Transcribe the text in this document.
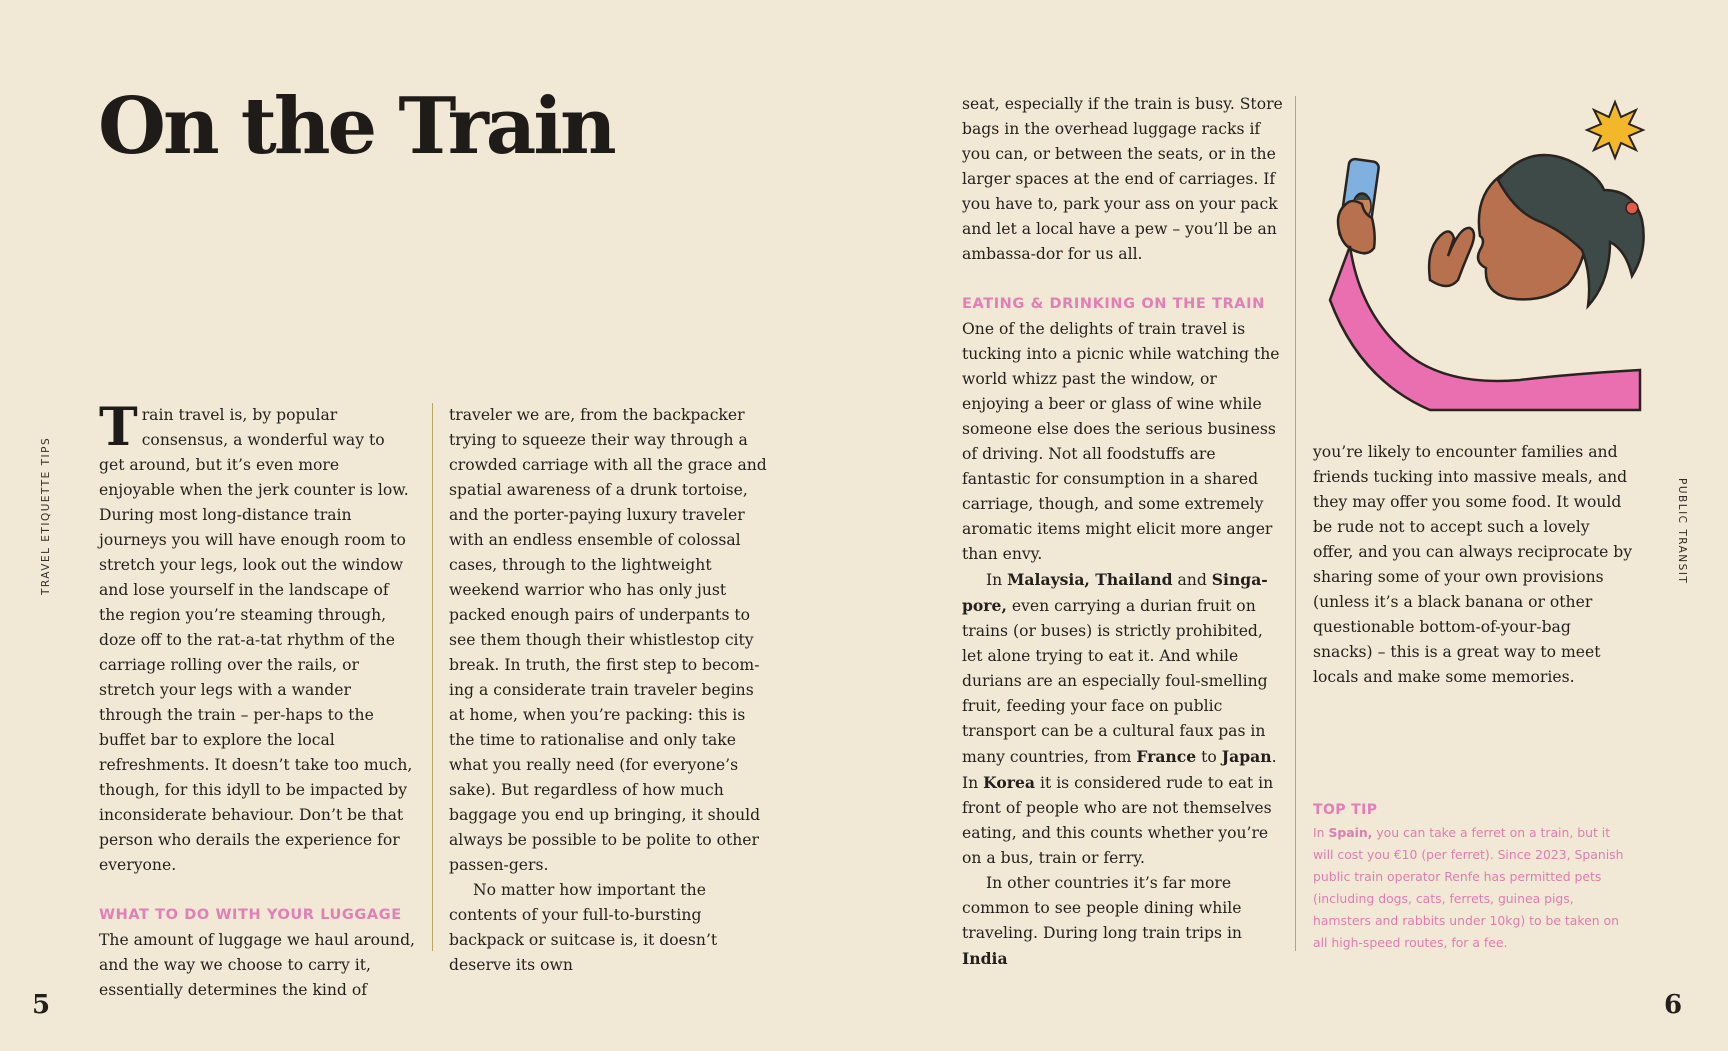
On the Train
TRAVEL ETIQUETTE TIPS

Train travel is, by popular consensus, a wonderful way to get around, but it’s even more enjoyable when the jerk counter is low. During most long-distance train journeys you will have enough room to stretch your legs, look out the window and lose yourself in the landscape of the region you’re steaming through, doze off to the rat-a-tat rhythm of the carriage rolling over the rails, or stretch your legs with a wander through the train – per-haps to the buffet bar to explore the local refreshments. It doesn’t take too much, though, for this idyll to be impacted by inconsiderate behaviour. Don’t be that person who derails the experience for everyone.

WHAT TO DO WITH YOUR LUGGAGE

The amount of luggage we haul around, and the way we choose to carry it, essentially determines the kind of

traveler we are, from the backpacker trying to squeeze their way through a crowded carriage with all the grace and spatial awareness of a drunk tortoise, and the porter-paying luxury traveler with an endless ensemble of colossal cases, through to the lightweight weekend warrior who has only just packed enough pairs of underpants to see them though their whistlestop city break. In truth, the first step to becom-ing a considerate train traveler begins at home, when you’re packing: this is the time to rationalise and only take what you really need (for everyone’s sake). But regardless of how much baggage you end up bringing, it should always be possible to be polite to other passen-gers.

No matter how important the contents of your full-to-bursting backpack or suitcase is, it doesn’t deserve its own

5

seat, especially if the train is busy. Store bags in the overhead luggage racks if you can, or between the seats, or in the larger spaces at the end of carriages. If you have to, park your ass on your pack and let a local have a pew – you’ll be an ambassa-dor for us all.

EATING & DRINKING ON THE TRAIN

One of the delights of train travel is tucking into a picnic while watching the world whizz past the window, or enjoying a beer or glass of wine while someone else does the serious business of driving. Not all foodstuffs are fantastic for consumption in a shared carriage, though, and some extremely aromatic items might elicit more anger than envy.

In Malaysia, Thailand and Singa-pore, even carrying a durian fruit on trains (or buses) is strictly prohibited, let alone trying to eat it. And while durians are an especially foul-smelling fruit, feeding your face on public transport can be a cultural faux pas in many countries, from France to Japan. In Korea it is considered rude to eat in front of people who are not themselves eating, and this counts whether you’re on a bus, train or ferry.

In other countries it’s far more common to see people dining while traveling. During long train trips in India

you’re likely to encounter families and friends tucking into massive meals, and they may offer you some food. It would be rude not to accept such a lovely offer, and you can always reciprocate by sharing some of your own provisions (unless it’s a black banana or other questionable bottom-of-your-bag snacks) – this is a great way to meet locals and make some memories.

TOP TIP
In Spain, you can take a ferret on a train, but it will cost you €10 (per ferret). Since 2023, Spanish public train operator Renfe has permitted pets (including dogs, cats, ferrets, guinea pigs, hamsters and rabbits under 10kg) to be taken on all high-speed routes, for a fee.
PUBLIC TRANSIT
6
